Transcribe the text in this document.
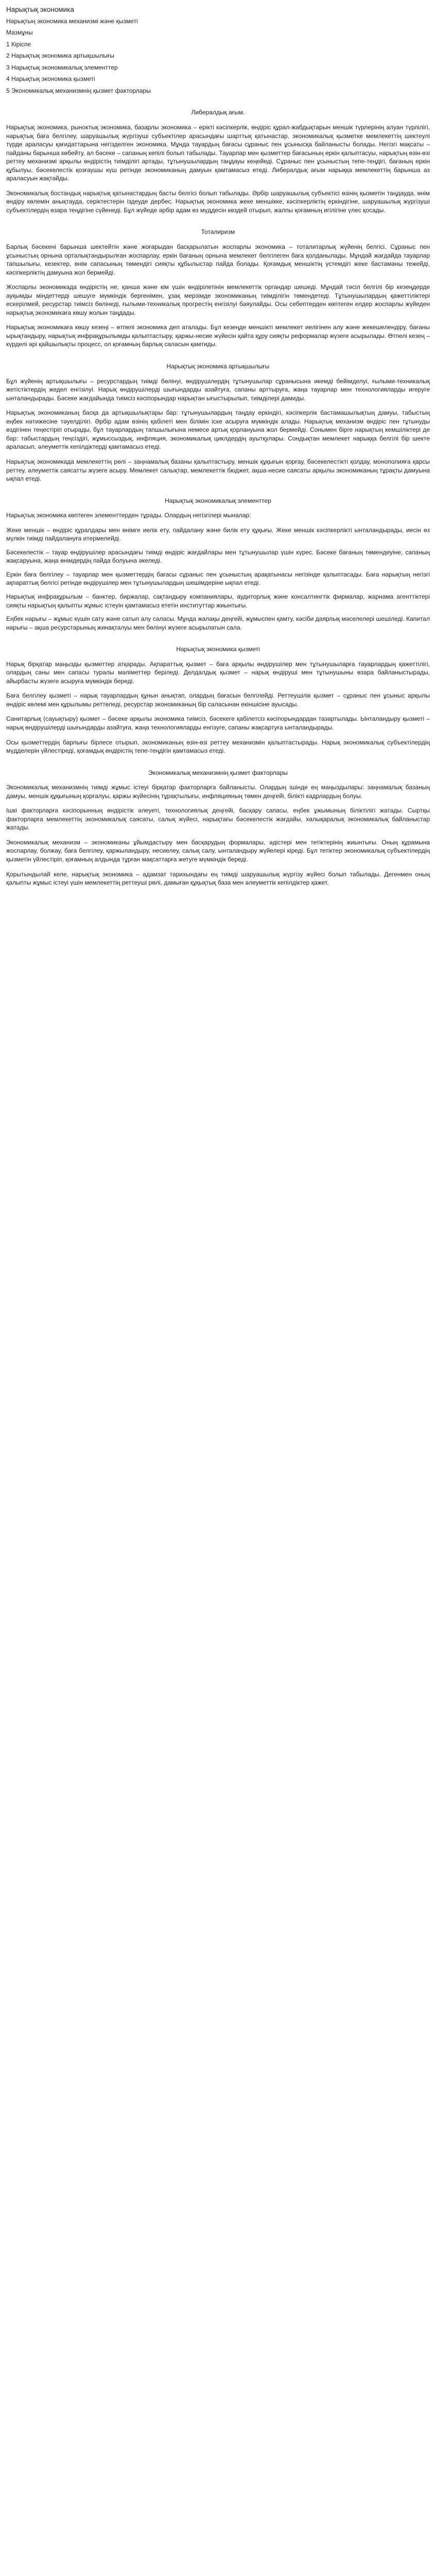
Нарықтық экономика
Нарықтың экономика механизмі және қызметі
Мазмұны
1 Кіріспе
2 Нарықтық экономика артықшылығы
3 Нарықтық экономикалық элементтер
4 Нарықтық экономика қызметі
5 Экономикалық механизмнің қызмет факторлары
Либералдық ағым.

Нарықтық экономика, рыноктық экономика, базарлы экономика – ерікті кәсіпкерлік, өндіріс құрал-жабдықтарын меншік түрлерінің алуан түрлілігі, нарықтық баға белгілеу, шаруашылық жүргізуші субъектілер арасындағы шарттық қатынастар, экономикалық қызметке мемлекеттің шектеулі түрде араласуы қағидаттарына негізделген экономика. Мұнда тауардың бағасы сұраныс пен ұсынысқа байланысты болады. Негізгі мақсаты – пайданы барынша көбейту, ал бәсеке – сапаның кепілі болып табылады. Тауарлар мен қызметтер бағасының еркін қалыптасуы, нарықтың өзін-өзі реттеу механизмі арқылы өндірістің тиімділігі артады, тұтынушылардың таңдауы кеңейеді. Сұраныс пен ұсыныстың тепе-теңдігі, бағаның еркін құбылуы, бәсекелестік қозғаушы күш ретінде экономиканың дамуын қамтамасыз етеді. Либералдық ағым нарыққа мемлекеттің барынша аз араласуын жақтайды.

Экономикалық бостандық нарықтық қатынастардың басты белгісі болып табылады. Әрбір шаруашылық субъектісі өзінің қызметін таңдауда, өнім өндіру көлемін анықтауда, серіктестерін іздеуде дербес. Нарықтық экономика жеке меншікке, кәсіпкерліктің еркіндігіне, шаруашылық жүргізуші субъектілердің өзара теңдігіне сүйенеді. Бұл жүйеде әрбір адам өз мүддесін көздей отырып, жалпы қоғамның игілігіне үлес қосады.

Тоталиризм

Барлық бәсекені барынша шектейтін және жоғарыдан басқарылатын жоспарлы экономика – тоталитарлық жүйенің белгісі. Сұраныс пен ұсыныстың орнына орталықтандырылған жоспарлау, еркін бағаның орнына мемлекет белгілеген баға қолданылады. Мұндай жағдайда тауарлар тапшылығы, кезектер, өнім сапасының төмендігі сияқты құбылыстар пайда болады. Қоғамдық меншіктің үстемдігі жеке бастаманы тежейді, кәсіпкерліктің дамуына жол бермейді.

Жоспарлы экономикада өндірістің не, қанша және кім үшін өндірілетінін мемлекеттік органдар шешеді. Мұндай тәсіл белгілі бір кезеңдерде ауқымды міндеттерді шешуге мүмкіндік бергенімен, ұзақ мерзімде экономиканың тиімділігін төмендетеді. Тұтынушылардың қажеттіліктері ескерілмей, ресурстар тиімсіз бөлінеді, ғылыми-техникалық прогрестің енгізілуі баяулайды. Осы себептерден көптеген елдер жоспарлы жүйеден нарықтық экономикаға көшу жолын таңдады.

Нарықтық экономикаға көшу кезеңі – өтпелі экономика деп аталады. Бұл кезеңде меншікті мемлекет иелігінен алу және жекешелендіру, бағаны ырықтандыру, нарықтық инфрақұрылымды қалыптастыру, қаржы-несие жүйесін қайта құру сияқты реформалар жүзеге асырылады. Өтпелі кезең – күрделі әрі қайшылықты процесс, ол қоғамның барлық саласын қамтиды.

Нарықтық экономика артықшылығы

Бұл жүйенің артықшылығы – ресурстардың тиімді бөлінуі, өндірушілердің тұтынушылар сұранысына икемді бейімделуі, ғылыми-техникалық жетістіктердің жедел енгізілуі. Нарық өндірушілерді шығындарды азайтуға, сапаны арттыруға, жаңа тауарлар мен технологияларды игеруге ынталандырады. Бәсеке жағдайында тиімсіз кәсіпорындар нарықтан ығыстырылып, тиімділері дамиды.

Нарықтық экономиканың басқа да артықшылықтары бар: тұтынушылардың таңдау еркіндігі, кәсіпкерлік бастамашылықтың дамуы, табыстың еңбек нәтижесіне тәуелділігі. Әрбір адам өзінің қабілеті мен білімін іске асыруға мүмкіндік алады. Нарықтық механизм өндіріс пен тұтынуды өздігінен теңестіріп отырады, бұл тауарлардың тапшылығына немесе артық қорлануына жол бермейді. Сонымен бірге нарықтың кемшіліктері де бар: табыстардың теңсіздігі, жұмыссыздық, инфляция, экономикалық циклдердің ауытқулары. Сондықтан мемлекет нарыққа белгілі бір шекте араласып, әлеуметтік кепілдіктерді қамтамасыз етеді.

Нарықтық экономикада мемлекеттің рөлі – заңнамалық базаны қалыптастыру, меншік құқығын қорғау, бәсекелестікті қолдау, монополияға қарсы реттеу, әлеуметтік саясатты жүзеге асыру. Мемлекет салықтар, мемлекеттік бюджет, ақша-несие саясаты арқылы экономиканың тұрақты дамуына ықпал етеді.

Нарықтық экономикалық элементтер

Нарықтық экономика көптеген элементтерден тұрады. Олардың негізгілері мыналар:

Жеке меншік – өндіріс құралдары мен өнімге иелік ету, пайдалану және билік ету құқығы. Жеке меншік кәсіпкерлікті ынталандырады, иесін өз мүлкін тиімді пайдалануға итермелейді.

Бәсекелестік – тауар өндірушілер арасындағы тиімді өндіріс жағдайлары мен тұтынушылар үшін күрес. Бәсеке бағаның төмендеуіне, сапаның жақсаруына, жаңа өнімдердің пайда болуына әкеледі.

Еркін баға белгілеу – тауарлар мен қызметтердің бағасы сұраныс пен ұсыныстың арақатынасы негізінде қалыптасады. Баға нарықтың негізгі ақпараттық белгісі ретінде өндірушілер мен тұтынушылардың шешімдеріне ықпал етеді.

Нарықтық инфрақұрылым – банктер, биржалар, сақтандыру компаниялары, аудиторлық және консалтингтік фирмалар, жарнама агенттіктері сияқты нарықтың қалыпты жұмыс істеуін қамтамасыз ететін институттар жиынтығы.

Еңбек нарығы – жұмыс күшін сату және сатып алу саласы. Мұнда жалақы деңгейі, жұмыспен қамту, кәсіби даярлық мәселелері шешіледі. Капитал нарығы – ақша ресурстарының жинақталуы мен бөлінуі жүзеге асырылатын сала.

Нарықтық экономика қызметі

Нарық бірқатар маңызды қызметтер атқарады. Ақпараттық қызмет – баға арқылы өндірушілер мен тұтынушыларға тауарлардың қажеттілігі, олардың саны мен сапасы туралы мәліметтер беріледі. Делдалдық қызмет – нарық өндіруші мен тұтынушыны өзара байланыстырады, айырбасты жүзеге асыруға мүмкіндік береді.

Баға белгілеу қызметі – нарық тауарлардың құнын анықтап, олардың бағасын белгілейді. Реттеушілік қызмет – сұраныс пен ұсыныс арқылы өндіріс көлемі мен құрылымы реттеледі, ресурстар экономиканың бір саласынан екіншісіне ауысады.

Санитарлық (сауықтыру) қызмет – бәсеке арқылы экономика тиімсіз, бәсекеге қабілетсіз кәсіпорындардан тазартылады. Ынталандыру қызметі – нарық өндірушілерді шығындарды азайтуға, жаңа технологияларды енгізуге, сапаны жақсартуға ынталандырады.

Осы қызметтердің барлығы бірлесе отырып, экономиканың өзін-өзі реттеу механизмін қалыптастырады. Нарық экономикалық субъектілердің мүдделерін үйлестіреді, қоғамдық өндірістің тепе-теңдігін қамтамасыз етеді.

Экономикалық механизмнің қызмет факторлары

Экономикалық механизмнің тиімді жұмыс істеуі бірқатар факторларға байланысты. Олардың ішінде ең маңыздылары: заңнамалық базаның дамуы, меншік құқығының қорғалуы, қаржы жүйесінің тұрақтылығы, инфляцияның төмен деңгейі, білікті кадрлардың болуы.

Ішкі факторларға кәсіпорынның өндірістік әлеуеті, технологиялық деңгейі, басқару сапасы, еңбек ұжымының біліктілігі жатады. Сыртқы факторларға мемлекеттің экономикалық саясаты, салық жүйесі, нарықтағы бәсекелестік жағдайы, халықаралық экономикалық байланыстар жатады.

Экономикалық механизм – экономиканы ұйымдастыру мен басқарудың формалары, әдістері мен тетіктерінің жиынтығы. Оның құрамына жоспарлау, болжау, баға белгілеу, қаржыландыру, несиелеу, салық салу, ынталандыру жүйелері кіреді. Бұл тетіктер экономикалық субъектілердің қызметін үйлестіріп, қоғамның алдында тұрған мақсаттарға жетуге мүмкіндік береді.

Қорытындылай келе, нарықтық экономика – адамзат тарихындағы ең тиімді шаруашылық жүргізу жүйесі болып табылады. Дегенмен оның қалыпты жұмыс істеуі үшін мемлекеттің реттеуші рөлі, дамыған құқықтық база мен әлеуметтік кепілдіктер қажет.
